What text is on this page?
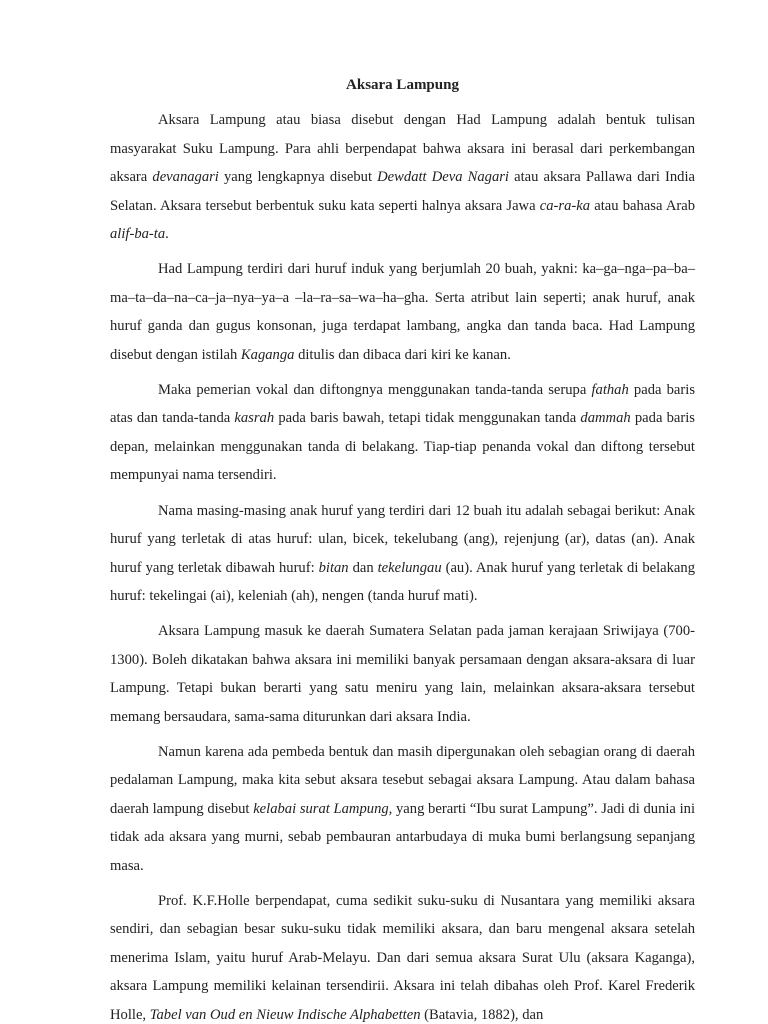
Aksara Lampung

Aksara Lampung atau biasa disebut dengan Had Lampung adalah bentuk tulisan masyarakat Suku Lampung. Para ahli berpendapat bahwa aksara ini berasal dari perkembangan aksara devanagari yang lengkapnya disebut Dewdatt Deva Nagari atau aksara Pallawa dari India Selatan. Aksara tersebut berbentuk suku kata seperti halnya aksara Jawa ca-ra-ka atau bahasa Arab alif-ba-ta.

Had Lampung terdiri dari huruf induk yang berjumlah 20 buah, yakni: ka–ga–nga–pa–ba–ma–ta–da–na–ca–ja–nya–ya–a –la–ra–sa–wa–ha–gha. Serta atribut lain seperti; anak huruf, anak huruf ganda dan gugus konsonan, juga terdapat lambang, angka dan tanda baca. Had Lampung disebut dengan istilah Kaganga ditulis dan dibaca dari kiri ke kanan.

Maka pemerian vokal dan diftongnya menggunakan tanda-tanda serupa fathah pada baris atas dan tanda-tanda kasrah pada baris bawah, tetapi tidak menggunakan tanda dammah pada baris depan, melainkan menggunakan tanda di belakang. Tiap-tiap penanda vokal dan diftong tersebut mempunyai nama tersendiri.

Nama masing-masing anak huruf yang terdiri dari 12 buah itu adalah sebagai berikut: Anak huruf yang terletak di atas huruf: ulan, bicek, tekelubang (ang), rejenjung (ar), datas (an). Anak huruf yang terletak dibawah huruf: bitan dan tekelungau (au). Anak huruf yang terletak di belakang huruf: tekelingai (ai), keleniah (ah), nengen (tanda huruf mati).

Aksara Lampung masuk ke daerah Sumatera Selatan pada jaman kerajaan Sriwijaya (700-1300). Boleh dikatakan bahwa aksara ini memiliki banyak persamaan dengan aksara-aksara di luar Lampung. Tetapi bukan berarti yang satu meniru yang lain, melainkan aksara-aksara tersebut memang bersaudara, sama-sama diturunkan dari aksara India.

Namun karena ada pembeda bentuk dan masih dipergunakan oleh sebagian orang di daerah pedalaman Lampung, maka kita sebut aksara tesebut sebagai aksara Lampung. Atau dalam bahasa daerah lampung disebut kelabai surat Lampung, yang berarti “Ibu surat Lampung”. Jadi di dunia ini tidak ada aksara yang murni, sebab pembauran antarbudaya di muka bumi berlangsung sepanjang masa.

Prof. K.F.Holle berpendapat, cuma sedikit suku-suku di Nusantara yang memiliki aksara sendiri, dan sebagian besar suku-suku tidak memiliki aksara, dan baru mengenal aksara setelah menerima Islam, yaitu huruf Arab-Melayu. Dan dari semua aksara Surat Ulu (aksara Kaganga), aksara Lampung memiliki kelainan tersendirii. Aksara ini telah dibahas oleh Prof. Karel Frederik Holle, Tabel van Oud en Nieuw Indische Alphabetten (Batavia, 1882), dan
